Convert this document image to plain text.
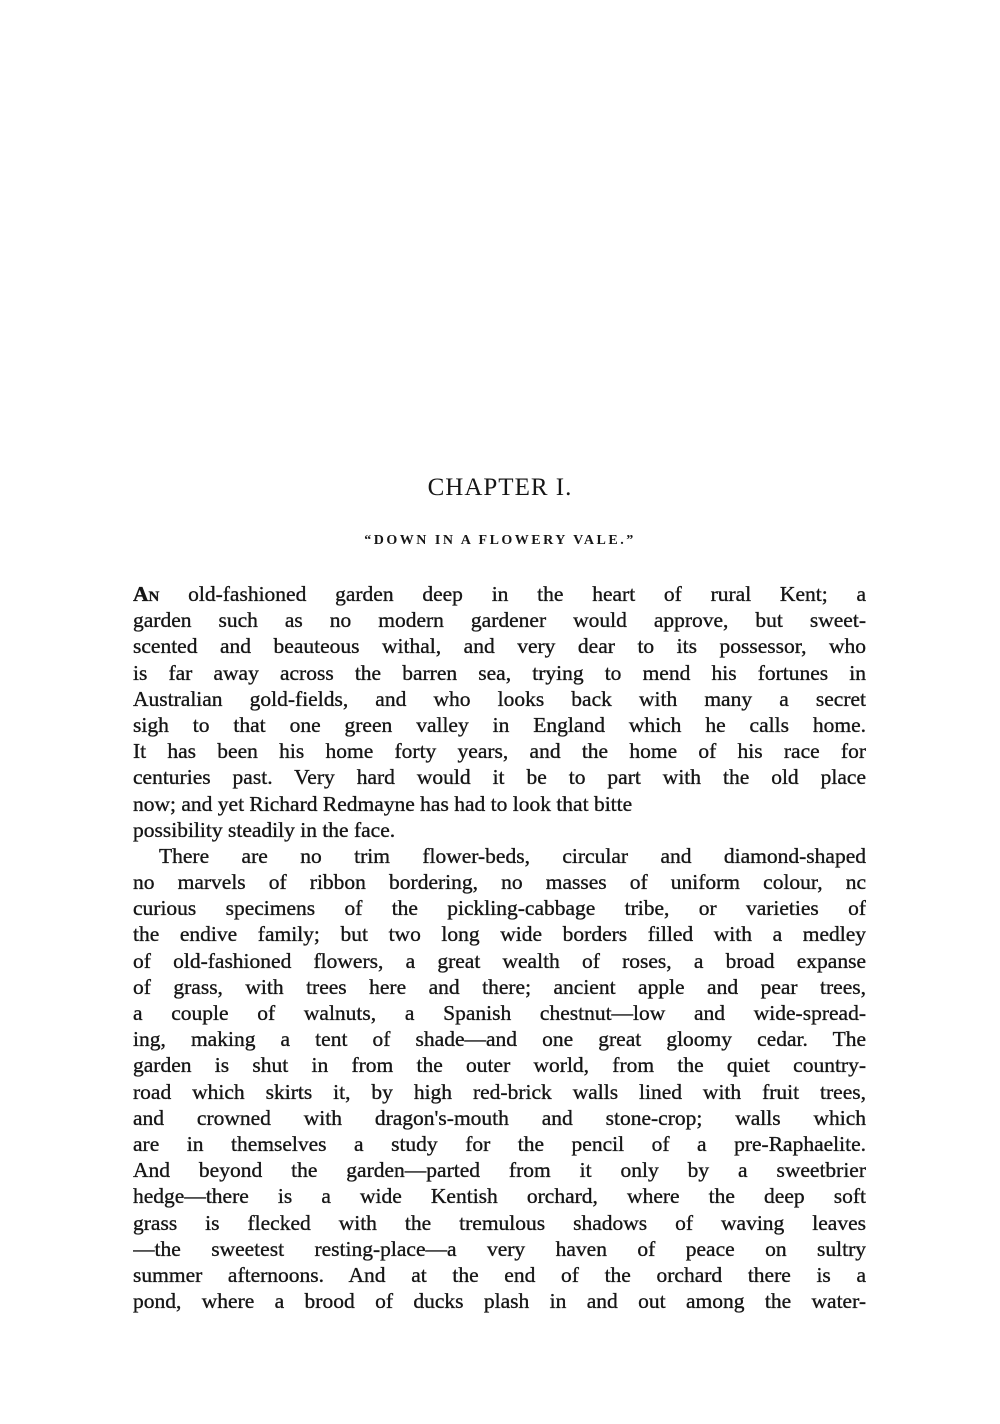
CHAPTER I.
“DOWN IN A FLOWERY VALE.”
An old-fashioned garden deep in the heart of rural Kent; a
garden such as no modern gardener would approve, but sweet-
scented and beauteous withal, and very dear to its possessor, who
is far away across the barren sea, trying to mend his fortunes in
Australian gold-fields, and who looks back with many a secret
sigh to that one green valley in England which he calls home.
It has been his home forty years, and the home of his race for
centuries past. Very hard would it be to part with the old place
now; and yet Richard Redmayne has had to look that bitte
possibility steadily in the face.
There are no trim flower-beds, circular and diamond-shaped
no marvels of ribbon bordering, no masses of uniform colour, nc
curious specimens of the pickling-cabbage tribe, or varieties of
the endive family; but two long wide borders filled with a medley
of old-fashioned flowers, a great wealth of roses, a broad expanse
of grass, with trees here and there; ancient apple and pear trees,
a couple of walnuts, a Spanish chestnut—low and wide-spread-
ing, making a tent of shade—and one great gloomy cedar. The
garden is shut in from the outer world, from the quiet country-
road which skirts it, by high red-brick walls lined with fruit trees,
and crowned with dragon's-mouth and stone-crop; walls which
are in themselves a study for the pencil of a pre-Raphaelite.
And beyond the garden—parted from it only by a sweetbrier
hedge—there is a wide Kentish orchard, where the deep soft
grass is flecked with the tremulous shadows of waving leaves
—the sweetest resting-place—a very haven of peace on sultry
summer afternoons. And at the end of the orchard there is a
pond, where a brood of ducks plash in and out among the water-
